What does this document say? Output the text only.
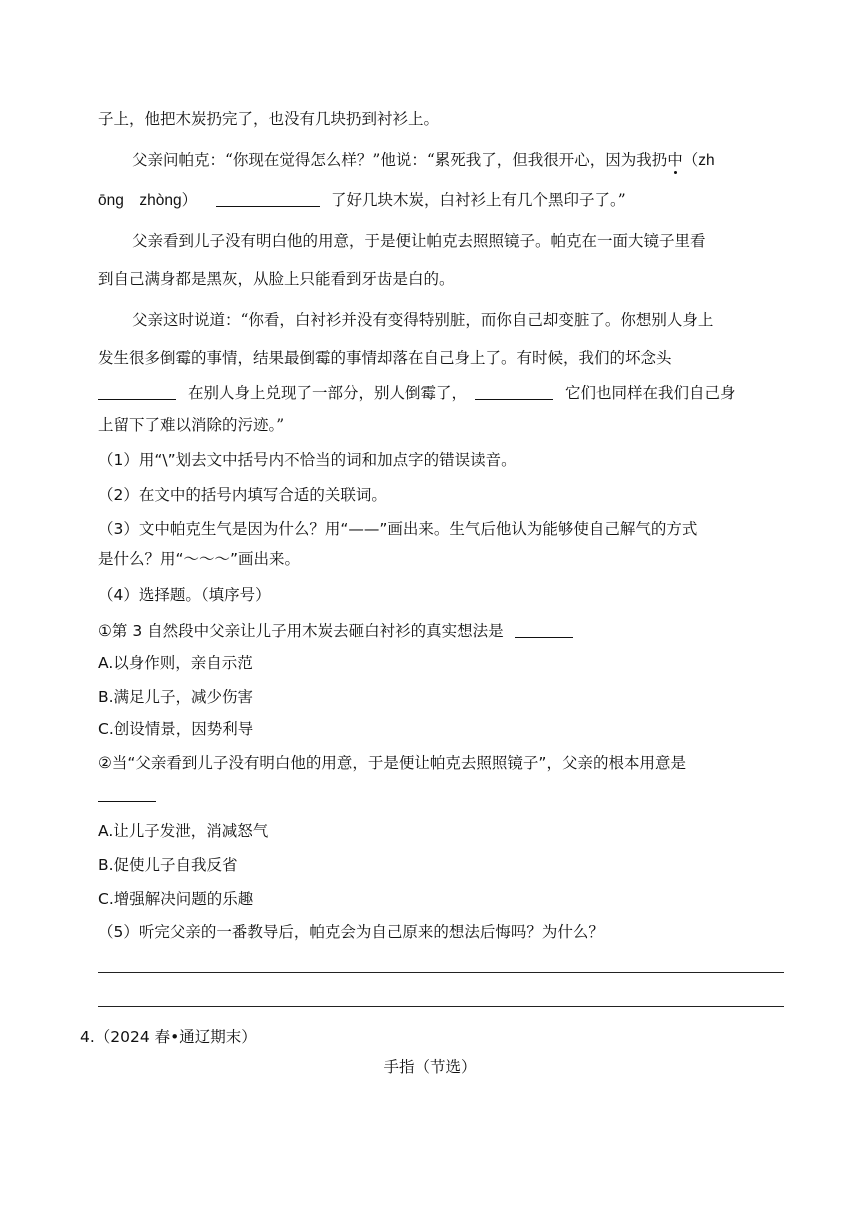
子上，他把木炭扔完了，也没有几块扔到衬衫上。
父亲问帕克：“你现在觉得怎么样？”他说：“累死我了，但我很开心，因为我扔中（zh
ōng　zhòng）	了好几块木炭，白衬衫上有几个黑印子了。”
父亲看到儿子没有明白他的用意，于是便让帕克去照照镜子。帕克在一面大镜子里看
到自己满身都是黑灰，从脸上只能看到牙齿是白的。
父亲这时说道：“你看，白衬衫并没有变得特别脏，而你自己却变脏了。你想别人身上
发生很多倒霉的事情，结果最倒霉的事情却落在自己身上了。有时候，我们的坏念头
在别人身上兑现了一部分，别人倒霉了，	它们也同样在我们自己身
上留下了难以消除的污迹。”
（1）用“\”划去文中括号内不恰当的词和加点字的错误读音。
（2）在文中的括号内填写合适的关联词。
（3）文中帕克生气是因为什么？用“——”画出来。生气后他认为能够使自己解气的方式
是什么？用“～～～”画出来。
（4）选择题。（填序号）
①第 3 自然段中父亲让儿子用木炭去砸白衬衫的真实想法是
A.以身作则，亲自示范
B.满足儿子，减少伤害
C.创设情景，因势利导
②当“父亲看到儿子没有明白他的用意，于是便让帕克去照照镜子”，父亲的根本用意是
A.让儿子发泄，消减怒气
B.促使儿子自我反省
C.增强解决问题的乐趣
（5）听完父亲的一番教导后，帕克会为自己原来的想法后悔吗？为什么？
4.（2024 春•通辽期末）
手指（节选）
